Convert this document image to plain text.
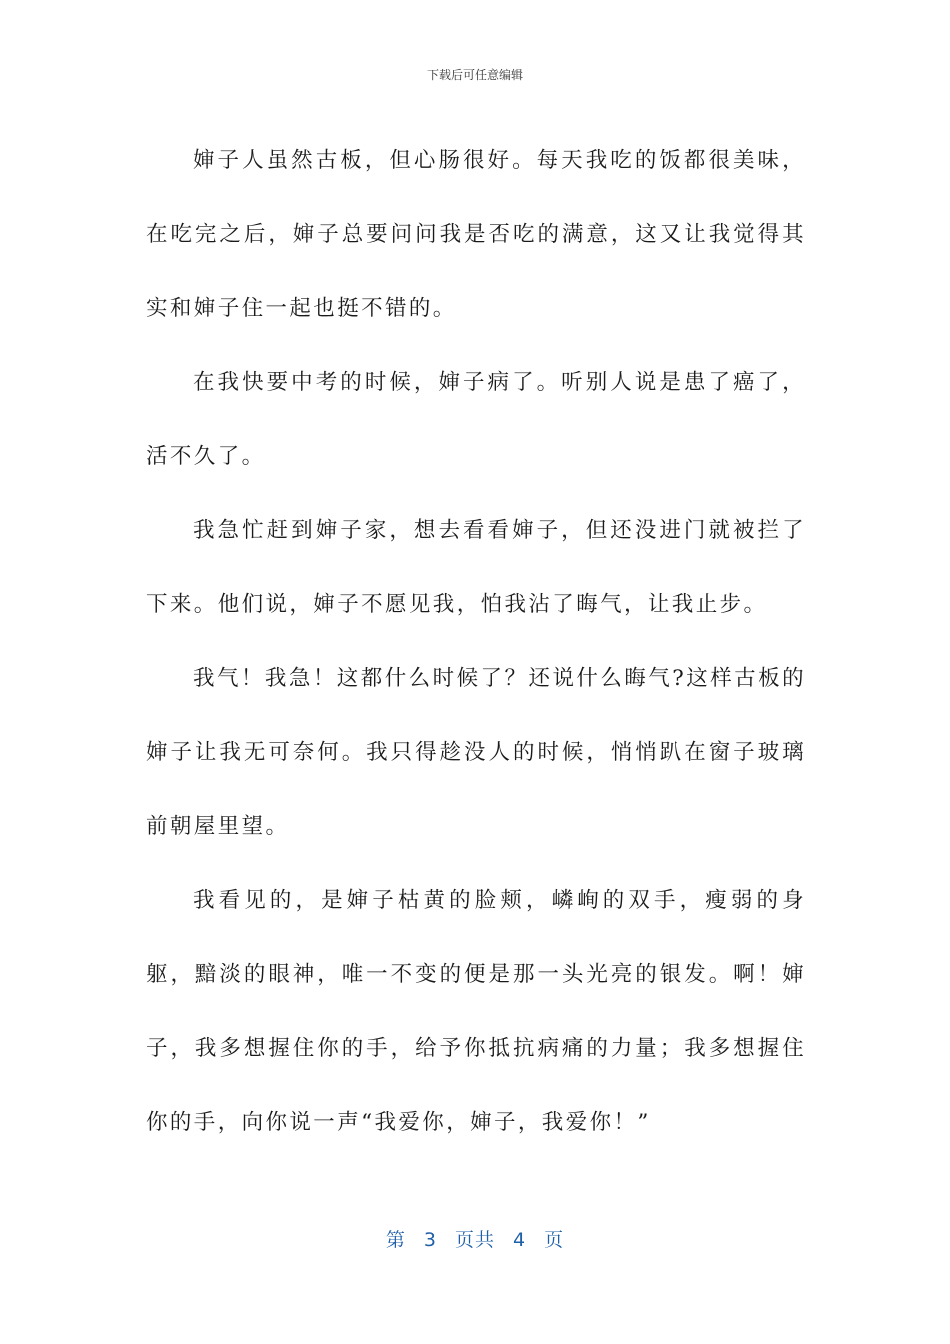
下载后可任意编辑

婶子人虽然古板，但心肠很好。每天我吃的饭都很美味，在吃完之后，婶子总要问问我是否吃的满意，这又让我觉得其实和婶子住一起也挺不错的。

在我快要中考的时候，婶子病了。听别人说是患了癌了，活不久了。

我急忙赶到婶子家，想去看看婶子，但还没进门就被拦了下来。他们说，婶子不愿见我，怕我沾了晦气，让我止步。

我气！我急！这都什么时候了？还说什么晦气?这样古板的婶子让我无可奈何。我只得趁没人的时候，悄悄趴在窗子玻璃前朝屋里望。

我看见的，是婶子枯黄的脸颊，嶙峋的双手，瘦弱的身躯，黯淡的眼神，唯一不变的便是那一头光亮的银发。啊！婶子，我多想握住你的手，给予你抵抗病痛的力量；我多想握住你的手，向你说一声“我爱你，婶子，我爱你！”

第 3 页共 4 页
